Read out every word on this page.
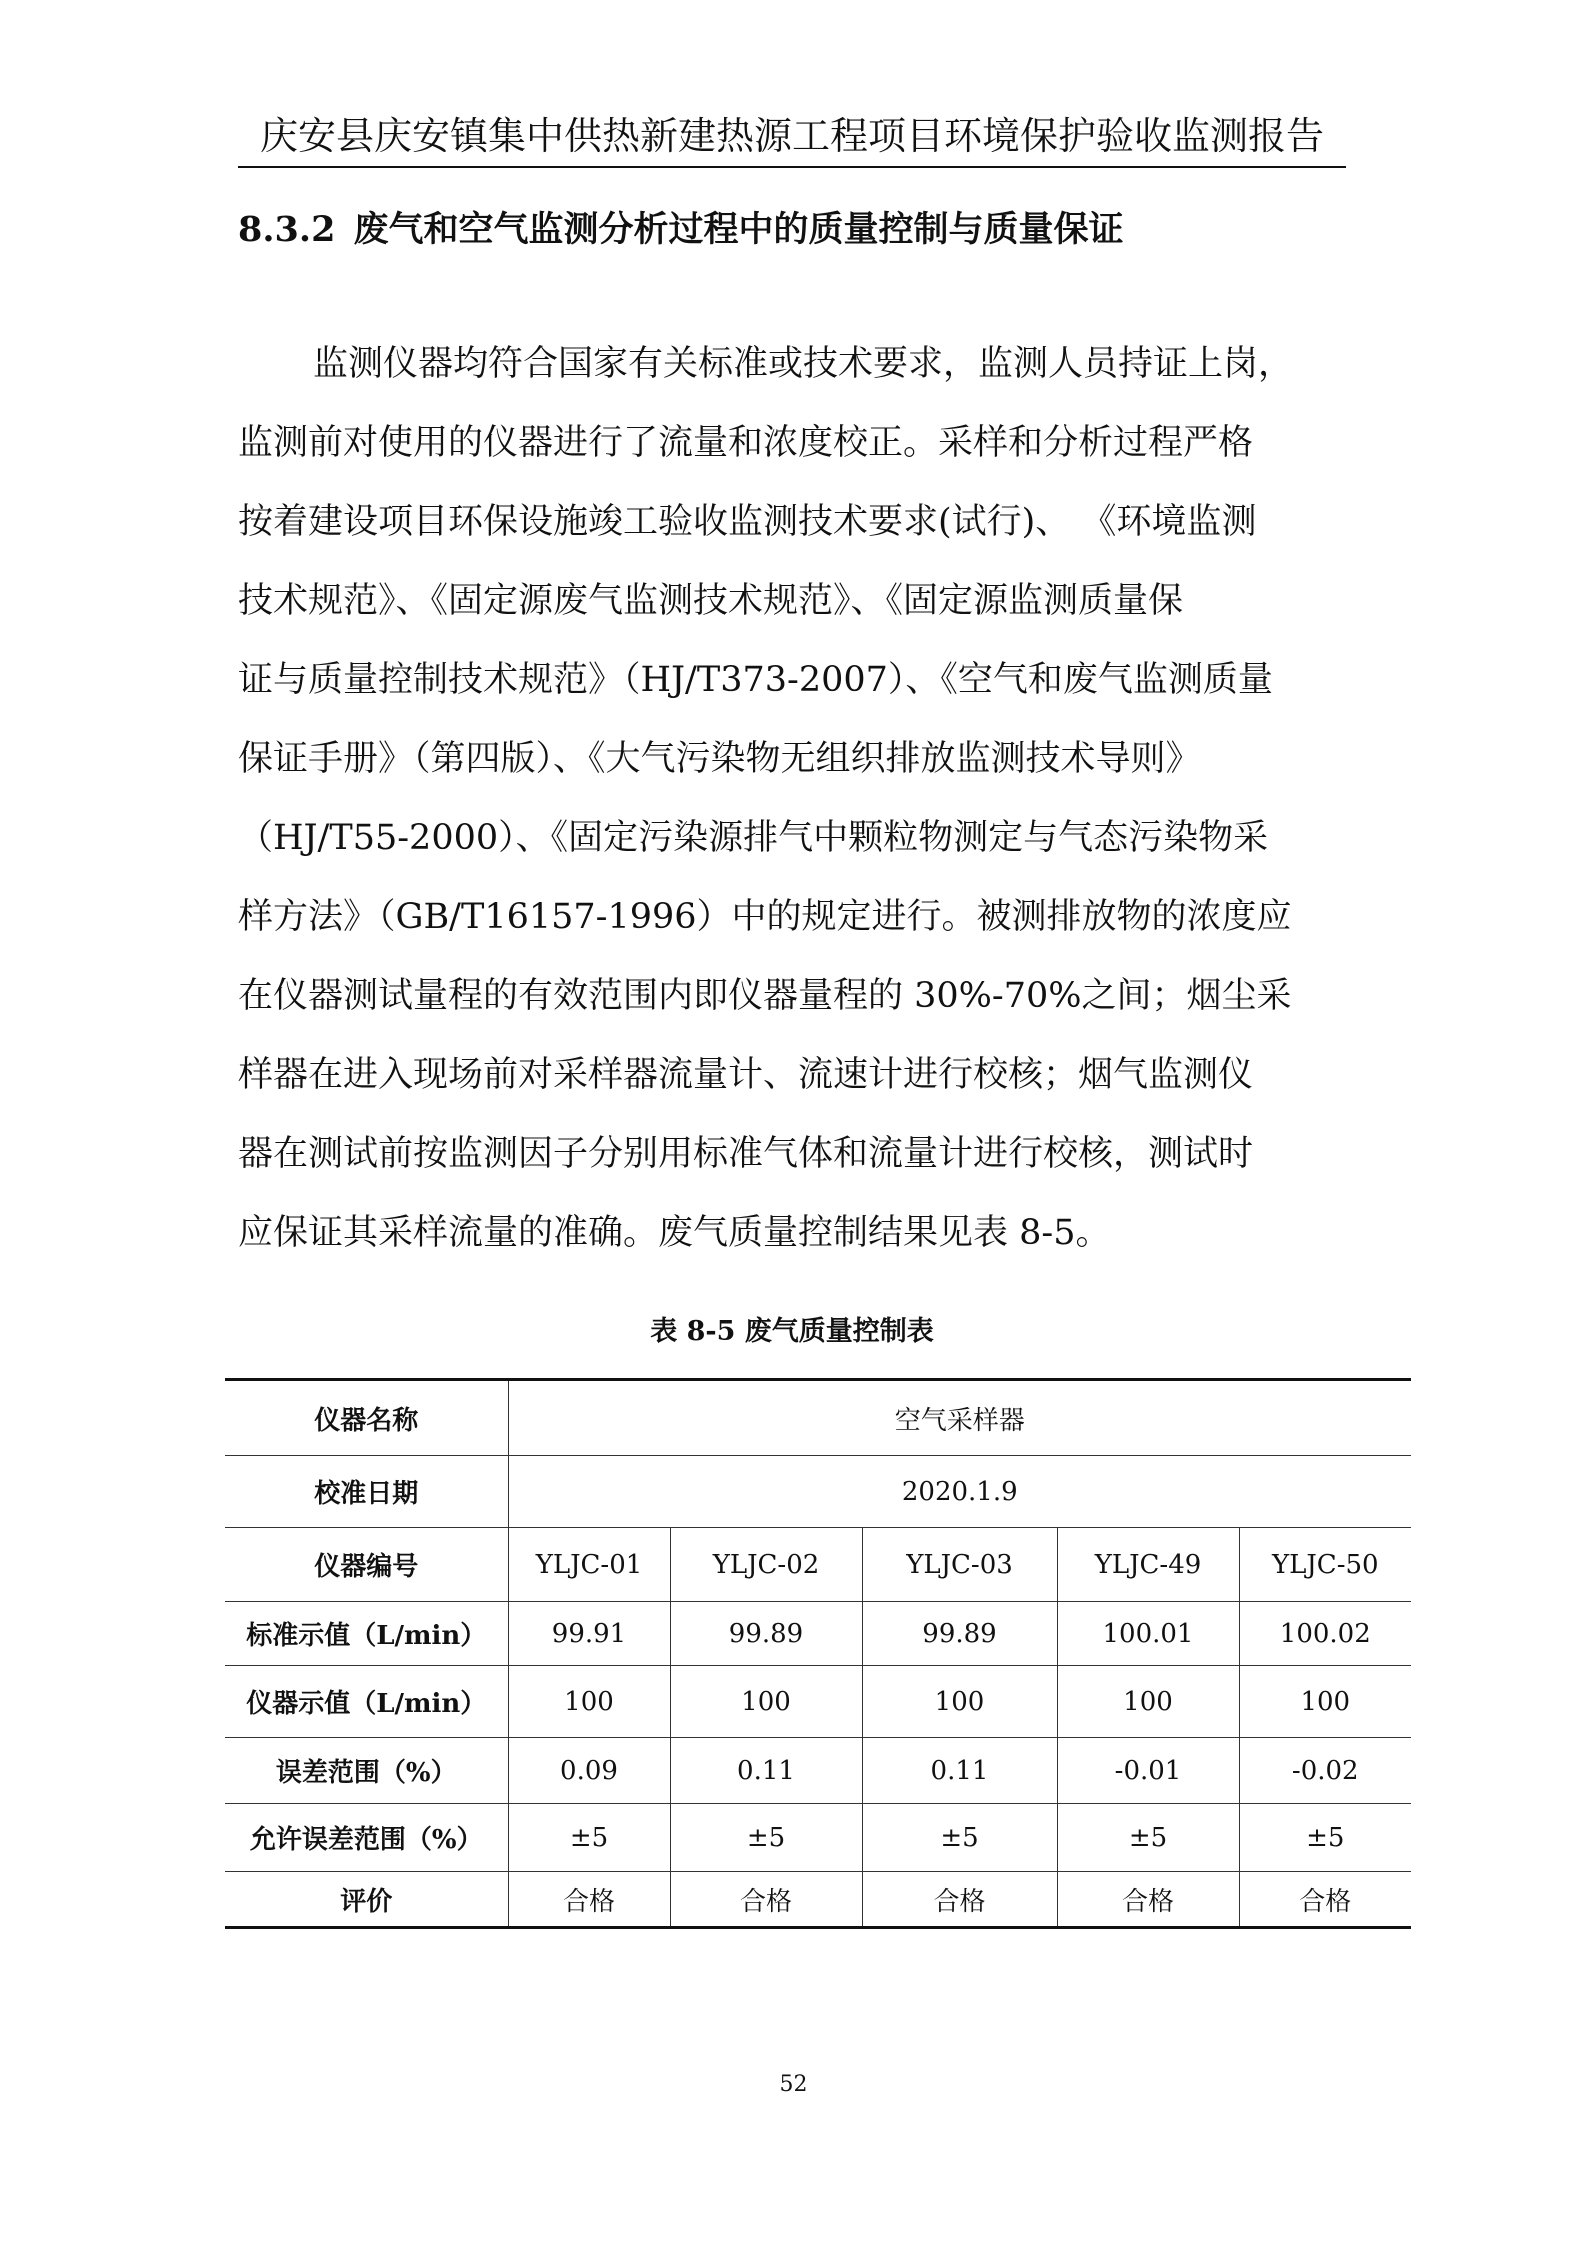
庆安县庆安镇集中供热新建热源工程项目环境保护验收监测报告
8.3.2 废气和空气监测分析过程中的质量控制与质量保证
监测仪器均符合国家有关标准或技术要求，监测人员持证上岗，
监测前对使用的仪器进行了流量和浓度校正。采样和分析过程严格
按着建设项目环保设施竣工验收监测技术要求(试行)、 《环境监测
技术规范》、《固定源废气监测技术规范》、《固定源监测质量保
证与质量控制技术规范》（HJ/T373-2007）、《空气和废气监测质量
保证手册》（第四版）、《大气污染物无组织排放监测技术导则》
（HJ/T55-2000）、《固定污染源排气中颗粒物测定与气态污染物采
样方法》（GB/T16157-1996）中的规定进行。被测排放物的浓度应
在仪器测试量程的有效范围内即仪器量程的 30%-70%之间；烟尘采
样器在进入现场前对采样器流量计、流速计进行校核；烟气监测仪
器在测试前按监测因子分别用标准气体和流量计进行校核，测试时
应保证其采样流量的准确。废气质量控制结果见表 8-5。
表 8-5 废气质量控制表
仪器名称	空气采样器				
校准日期	2020.1.9				
仪器编号	YLJC-01	YLJC-02	YLJC-03	YLJC-49	YLJC-50
标准示值（L/min）	99.91	99.89	99.89	100.01	100.02
仪器示值（L/min）	100	100	100	100	100
误差范围（%）	0.09	0.11	0.11	-0.01	-0.02
允许误差范围（%）	±5	±5	±5	±5	±5
评价	合格	合格	合格	合格	合格
52
